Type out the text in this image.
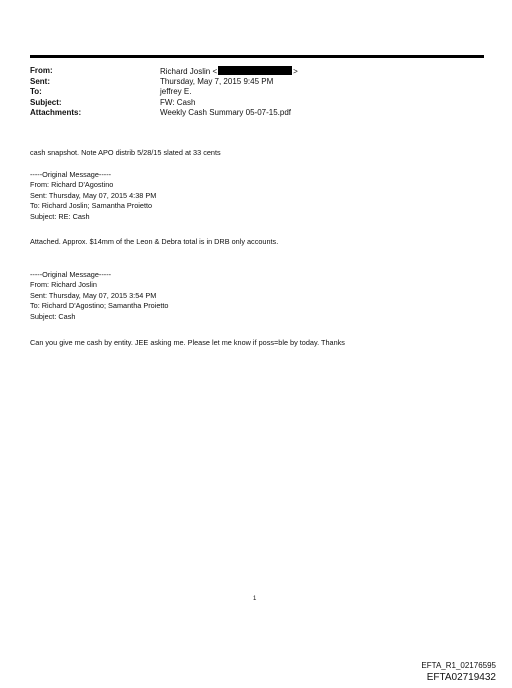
From:	Richard Joslin <	>
Sent:	Thursday, May 7, 2015 9:45 PM
To:	jeffrey E.
Subject:	FW: Cash
Attachments:	Weekly Cash Summary 05-07-15.pdf
cash snapshot. Note APO distrib 5/28/15 slated at 33 cents
-----Original Message-----
From: Richard D'Agostino
Sent: Thursday, May 07, 2015 4:38 PM
To: Richard Joslin; Samantha Proietto
Subject: RE: Cash
Attached. Approx. $14mm of the Leon & Debra total is in DRB only accounts.
-----Original Message-----
From: Richard Joslin
Sent: Thursday, May 07, 2015 3:54 PM
To: Richard D'Agostino; Samantha Proietto
Subject: Cash
Can you give me cash by entity. JEE asking me. Please let me know if poss=ble by today. Thanks
1
EFTA_R1_02176595
EFTA02719432
